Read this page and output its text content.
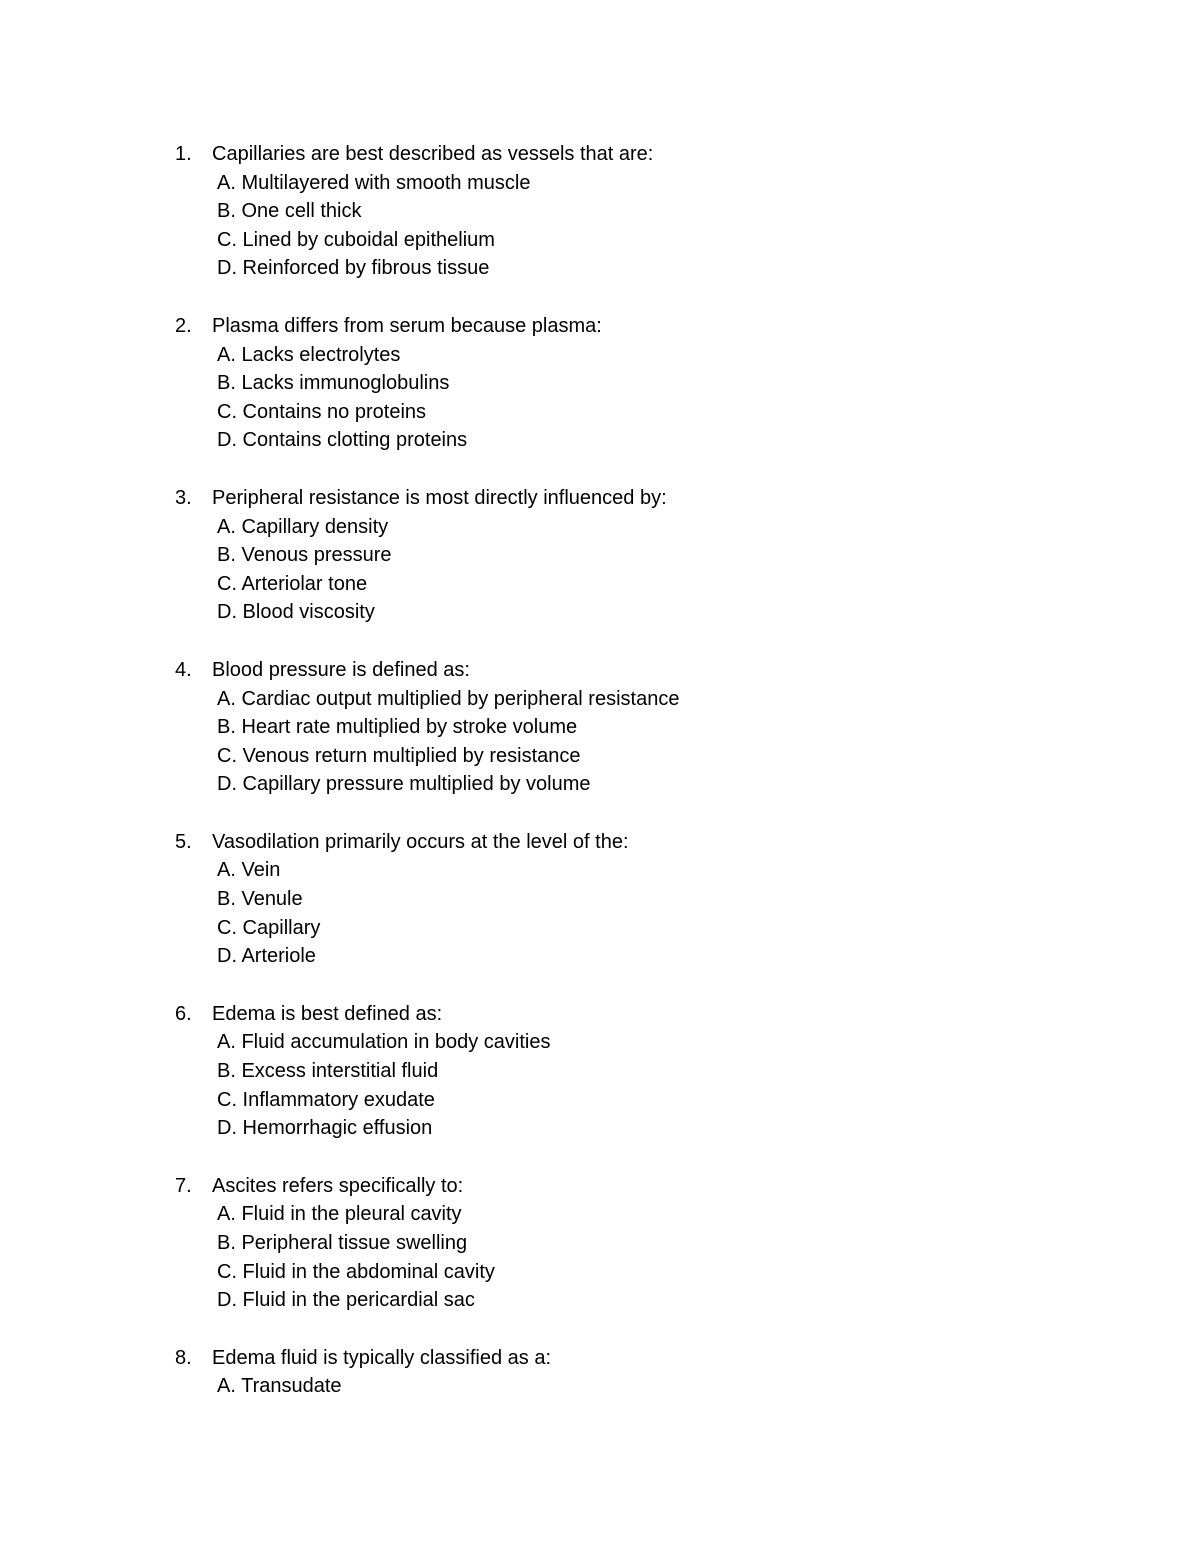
1.	Capillaries are best described as vessels that are:
A. Multilayered with smooth muscle
B. One cell thick
C. Lined by cuboidal epithelium
D. Reinforced by fibrous tissue
2.	Plasma differs from serum because plasma:
A. Lacks electrolytes
B. Lacks immunoglobulins
C. Contains no proteins
D. Contains clotting proteins
3.	Peripheral resistance is most directly influenced by:
A. Capillary density
B. Venous pressure
C. Arteriolar tone
D. Blood viscosity
4.	Blood pressure is defined as:
A. Cardiac output multiplied by peripheral resistance
B. Heart rate multiplied by stroke volume
C. Venous return multiplied by resistance
D. Capillary pressure multiplied by volume
5.	Vasodilation primarily occurs at the level of the:
A. Vein
B. Venule
C. Capillary
D. Arteriole
6.	Edema is best defined as:
A. Fluid accumulation in body cavities
B. Excess interstitial fluid
C. Inflammatory exudate
D. Hemorrhagic effusion
7.	Ascites refers specifically to:
A. Fluid in the pleural cavity
B. Peripheral tissue swelling
C. Fluid in the abdominal cavity
D. Fluid in the pericardial sac
8.	Edema fluid is typically classified as a:
A. Transudate
